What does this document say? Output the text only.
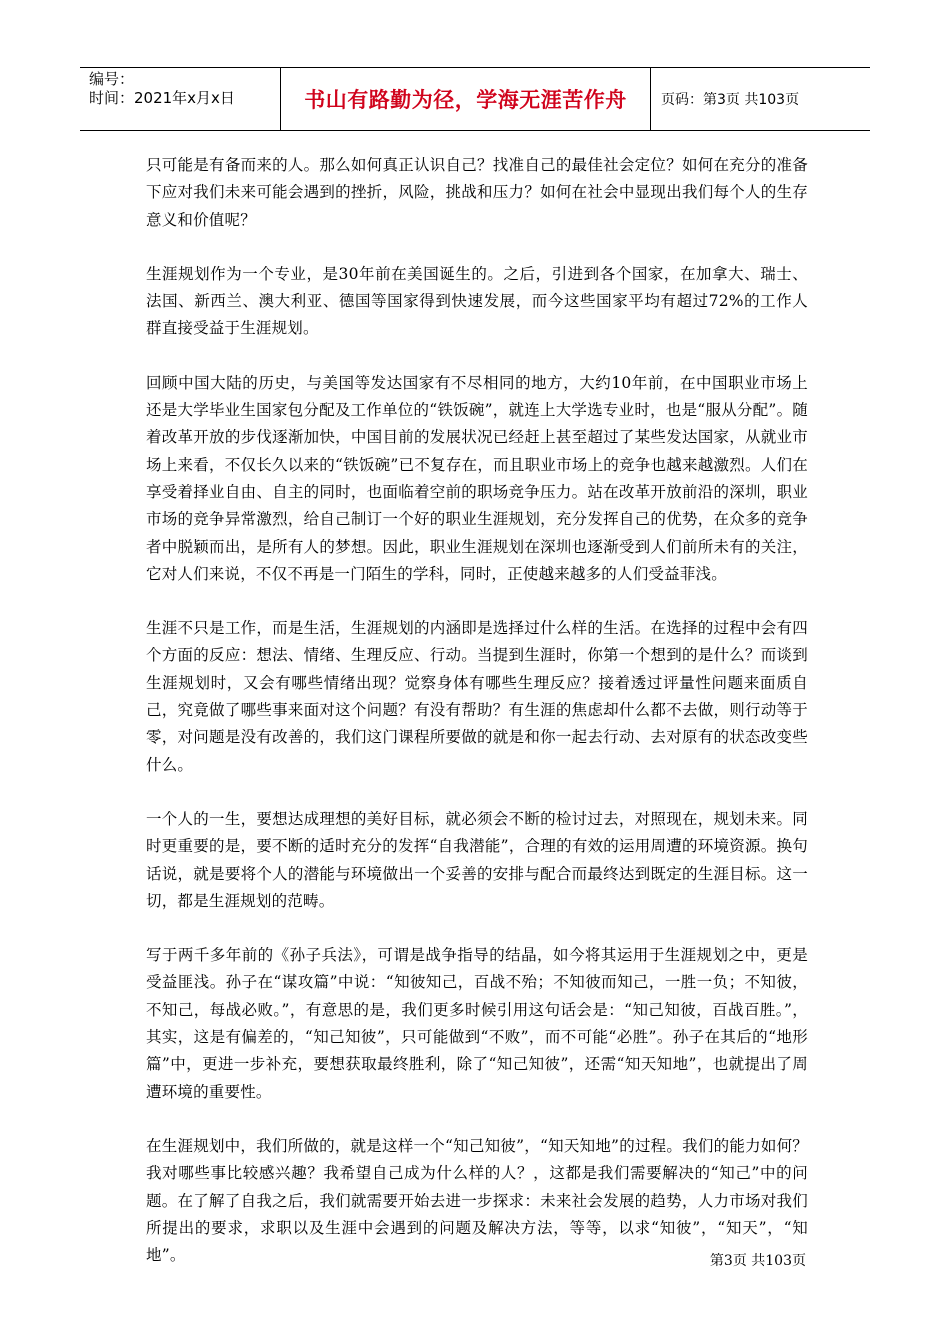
编号：
时间：2021年x月x日	书山有路勤为径，学海无涯苦作舟	页码：第3页 共103页

只可能是有备而来的人。那么如何真正认识自己？找准自己的最佳社会定位？如何在充分的准备下应对我们未来可能会遇到的挫折，风险，挑战和压力？如何在社会中显现出我们每个人的生存意义和价值呢？

生涯规划作为一个专业，是30年前在美国诞生的。之后，引进到各个国家，在加拿大、瑞士、法国、新西兰、澳大利亚、德国等国家得到快速发展，而今这些国家平均有超过72%的工作人群直接受益于生涯规划。

回顾中国大陆的历史，与美国等发达国家有不尽相同的地方，大约10年前，在中国职业市场上还是大学毕业生国家包分配及工作单位的“铁饭碗”，就连上大学选专业时，也是“服从分配”。随着改革开放的步伐逐渐加快，中国目前的发展状况已经赶上甚至超过了某些发达国家，从就业市场上来看，不仅长久以来的“铁饭碗”已不复存在，而且职业市场上的竞争也越来越激烈。人们在享受着择业自由、自主的同时，也面临着空前的职场竞争压力。站在改革开放前沿的深圳，职业市场的竞争异常激烈，给自己制订一个好的职业生涯规划，充分发挥自己的优势，在众多的竞争者中脱颖而出，是所有人的梦想。因此，职业生涯规划在深圳也逐渐受到人们前所未有的关注，它对人们来说，不仅不再是一门陌生的学科，同时，正使越来越多的人们受益菲浅。

生涯不只是工作，而是生活，生涯规划的内涵即是选择过什么样的生活。在选择的过程中会有四个方面的反应：想法、情绪、生理反应、行动。当提到生涯时，你第一个想到的是什么？而谈到生涯规划时，又会有哪些情绪出现？觉察身体有哪些生理反应？接着透过评量性问题来面质自己，究竟做了哪些事来面对这个问题？有没有帮助？有生涯的焦虑却什么都不去做，则行动等于零，对问题是没有改善的，我们这门课程所要做的就是和你一起去行动、去对原有的状态改变些什么。

一个人的一生，要想达成理想的美好目标，就必须会不断的检讨过去，对照现在，规划未来。同时更重要的是，要不断的适时充分的发挥“自我潜能”，合理的有效的运用周遭的环境资源。换句话说，就是要将个人的潜能与环境做出一个妥善的安排与配合而最终达到既定的生涯目标。这一切，都是生涯规划的范畴。

写于两千多年前的《孙子兵法》，可谓是战争指导的结晶，如今将其运用于生涯规划之中，更是受益匪浅。孙子在“谋攻篇”中说：“知彼知己，百战不殆；不知彼而知己，一胜一负；不知彼，不知己，每战必败。”，有意思的是，我们更多时候引用这句话会是：“知己知彼，百战百胜。”，其实，这是有偏差的，“知己知彼”，只可能做到“不败”，而不可能“必胜”。孙子在其后的“地形篇”中，更进一步补充，要想获取最终胜利，除了“知己知彼”，还需“知天知地”，也就提出了周遭环境的重要性。

在生涯规划中，我们所做的，就是这样一个“知己知彼”，“知天知地”的过程。我们的能力如何？我对哪些事比较感兴趣？我希望自己成为什么样的人？，这都是我们需要解决的“知己”中的问题。在了解了自我之后，我们就需要开始去进一步探求：未来社会发展的趋势，人力市场对我们所提出的要求，求职以及生涯中会遇到的问题及解决方法，等等，以求“知彼”，“知天”，“知地”。	第3页 共103页
